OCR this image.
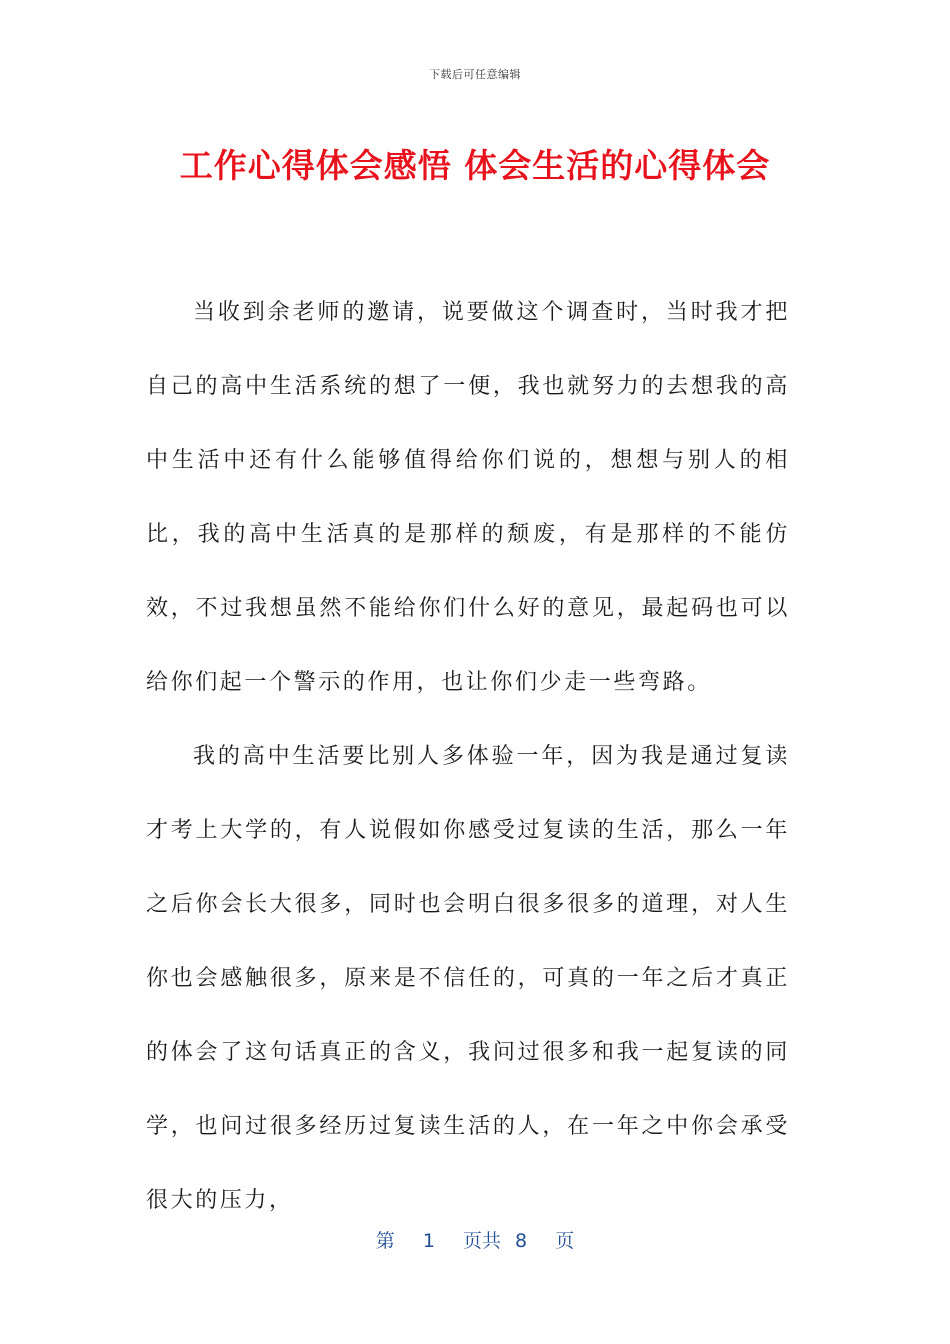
下载后可任意编辑
工作心得体会感悟 体会生活的心得体会

当收到余老师的邀请，说要做这个调查时，当时我才把自己的高中生活系统的想了一便，我也就努力的去想我的高中生活中还有什么能够值得给你们说的，想想与别人的相比，我的高中生活真的是那样的颓废，有是那样的不能仿效，不过我想虽然不能给你们什么好的意见，最起码也可以给你们起一个警示的作用，也让你们少走一些弯路。

我的高中生活要比别人多体验一年，因为我是通过复读才考上大学的，有人说假如你感受过复读的生活，那么一年之后你会长大很多，同时也会明白很多很多的道理，对人生你也会感触很多，原来是不信任的，可真的一年之后才真正的体会了这句话真正的含义，我问过很多和我一起复读的同学，也问过很多经历过复读生活的人，在一年之中你会承受很大的压力，

第  1  页共 8  页
